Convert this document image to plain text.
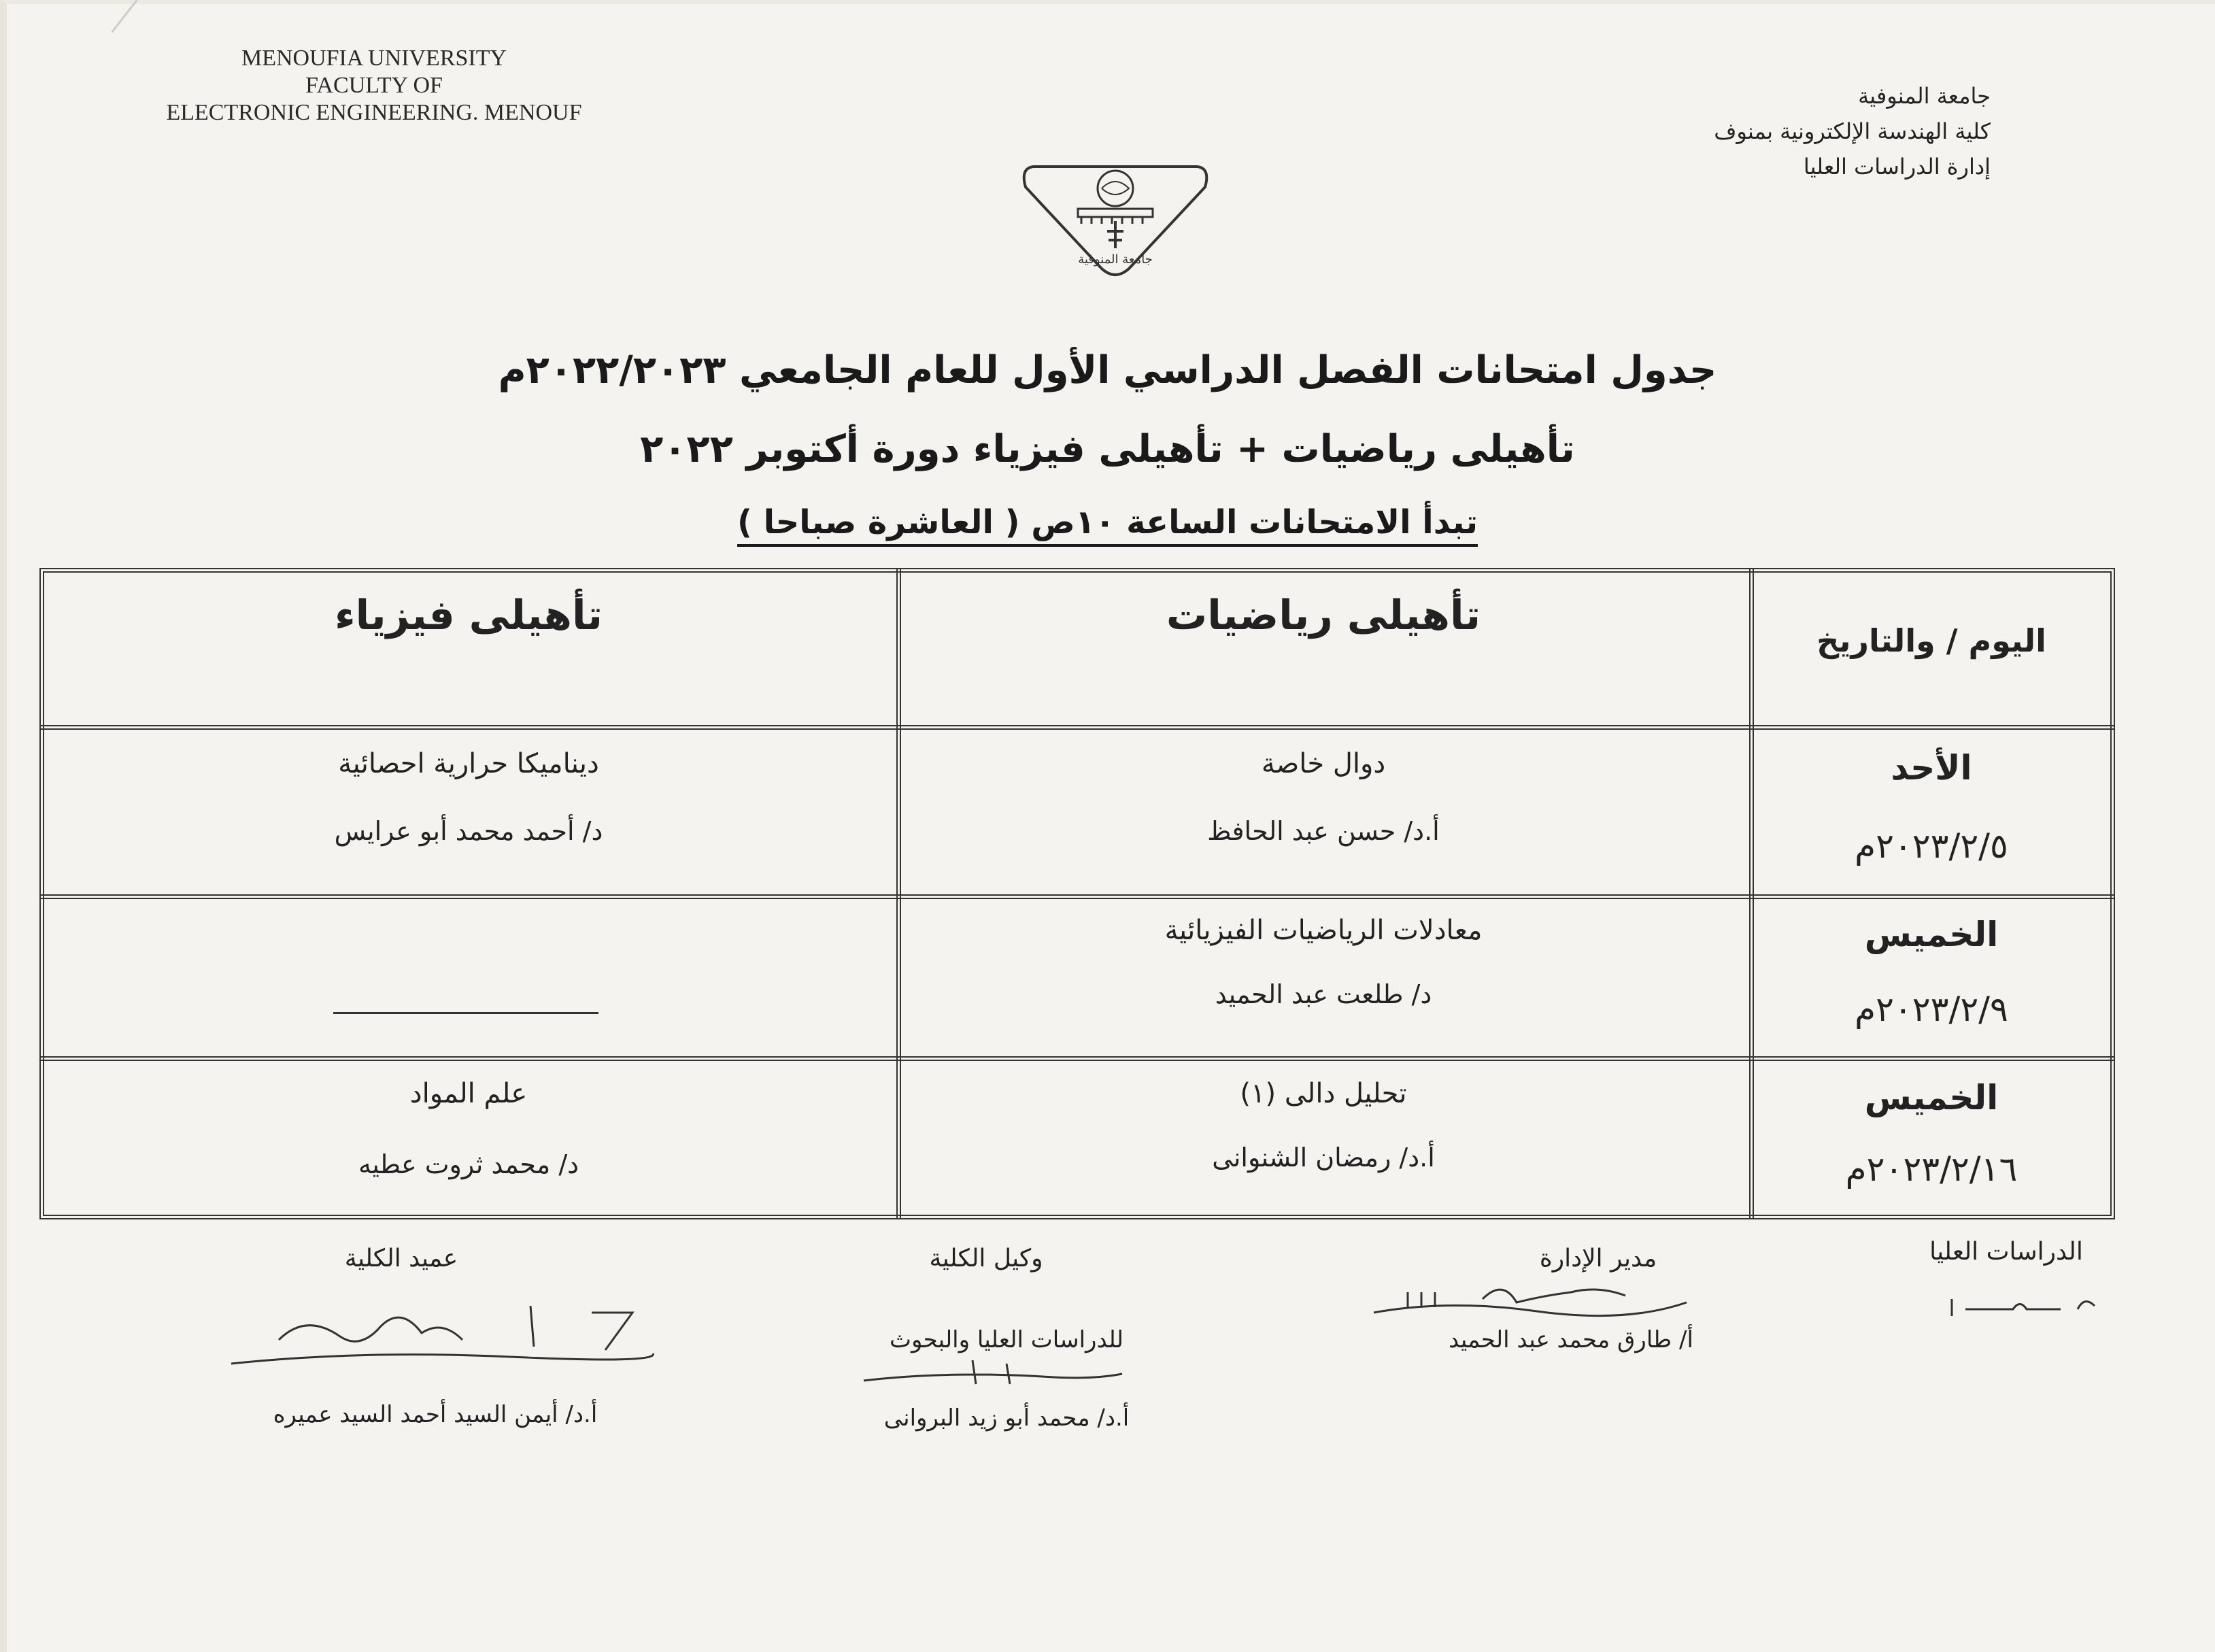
MENOUFIA UNIVERSITY
FACULTY OF
ELECTRONIC ENGINEERING. MENOUF
جامعة المنوفية
كلية الهندسة الإلكترونية بمنوف
إدارة الدراسات العليا
جامعة المنوفية
جدول امتحانات الفصل الدراسي الأول للعام الجامعي ٢٠٢٢/٢٠٢٣م
تأهيلى رياضيات + تأهيلى فيزياء دورة أكتوبر ٢٠٢٢
تبدأ الامتحانات الساعة ١٠ص ( العاشرة صباحا )
اليوم / والتاريخ
تأهيلى رياضيات
تأهيلى فيزياء
الأحد
٢٠٢٣/٢/٥م
دوال خاصة
أ.د/ حسن عبد الحافظ
ديناميكا حرارية احصائية
د/ أحمد محمد أبو عرايس
الخميس
٢٠٢٣/٢/٩م
معادلات الرياضيات الفيزيائية
د/ طلعت عبد الحميد
الخميس
٢٠٢٣/٢/١٦م
تحليل دالى (١)
أ.د/ رمضان الشنوانى
علم المواد
د/ محمد ثروت عطيه
الدراسات العليا
مدير الإدارة
أ/ طارق محمد عبد الحميد
وكيل الكلية
للدراسات العليا والبحوث
أ.د/ محمد أبو زيد البروانى
عميد الكلية
أ.د/ أيمن السيد أحمد السيد عميره
